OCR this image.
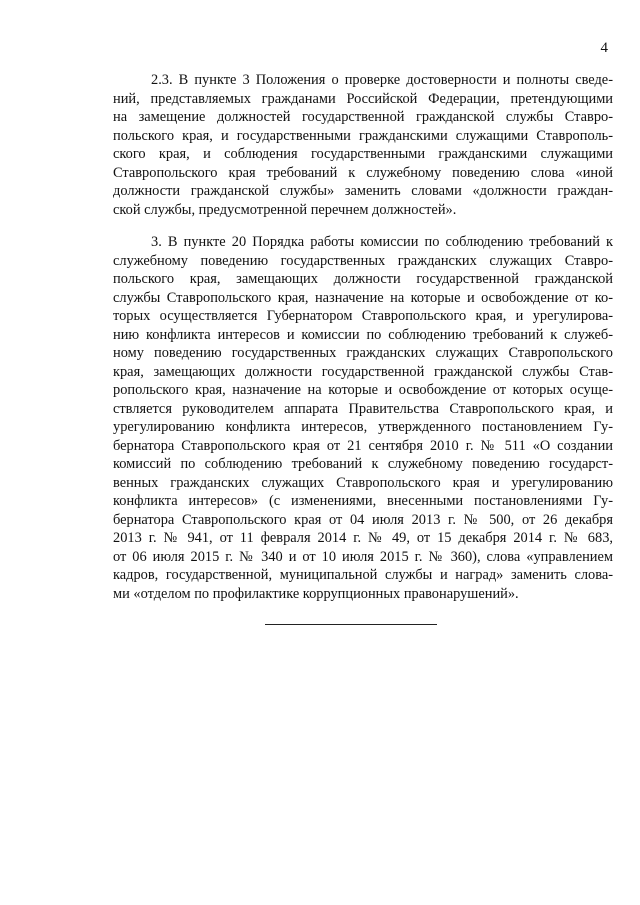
4
2.3. В пункте 3 Положения о проверке достоверности и полноты сведе-
ний, представляемых гражданами Российской Федерации, претендующими
на замещение должностей государственной гражданской службы Ставро-
польского края, и государственными гражданскими служащими Ставрополь-
ского края, и соблюдения государственными гражданскими служащими
Ставропольского края требований к служебному поведению слова «иной
должности гражданской службы» заменить словами «должности граждан-
ской службы, предусмотренной перечнем должностей».
3. В пункте 20 Порядка работы комиссии по соблюдению требований к
служебному поведению государственных гражданских служащих Ставро-
польского края, замещающих должности государственной гражданской
службы Ставропольского края, назначение на которые и освобождение от ко-
торых осуществляется Губернатором Ставропольского края, и урегулирова-
нию конфликта интересов и комиссии по соблюдению требований к служеб-
ному поведению государственных гражданских служащих Ставропольского
края, замещающих должности государственной гражданской службы Став-
ропольского края, назначение на которые и освобождение от которых осуще-
ствляется руководителем аппарата Правительства Ставропольского края, и
урегулированию конфликта интересов, утвержденного постановлением Гу-
бернатора Ставропольского края от 21 сентября 2010 г. № 511 «О создании
комиссий по соблюдению требований к служебному поведению государст-
венных гражданских служащих Ставропольского края и урегулированию
конфликта интересов» (с изменениями, внесенными постановлениями Гу-
бернатора Ставропольского края от 04 июля 2013 г. № 500, от 26 декабря
2013 г. № 941, от 11 февраля 2014 г. № 49, от 15 декабря 2014 г. № 683,
от 06 июля 2015 г. № 340 и от 10 июля 2015 г. № 360), слова «управлением
кадров, государственной, муниципальной службы и наград» заменить слова-
ми «отделом по профилактике коррупционных правонарушений».
